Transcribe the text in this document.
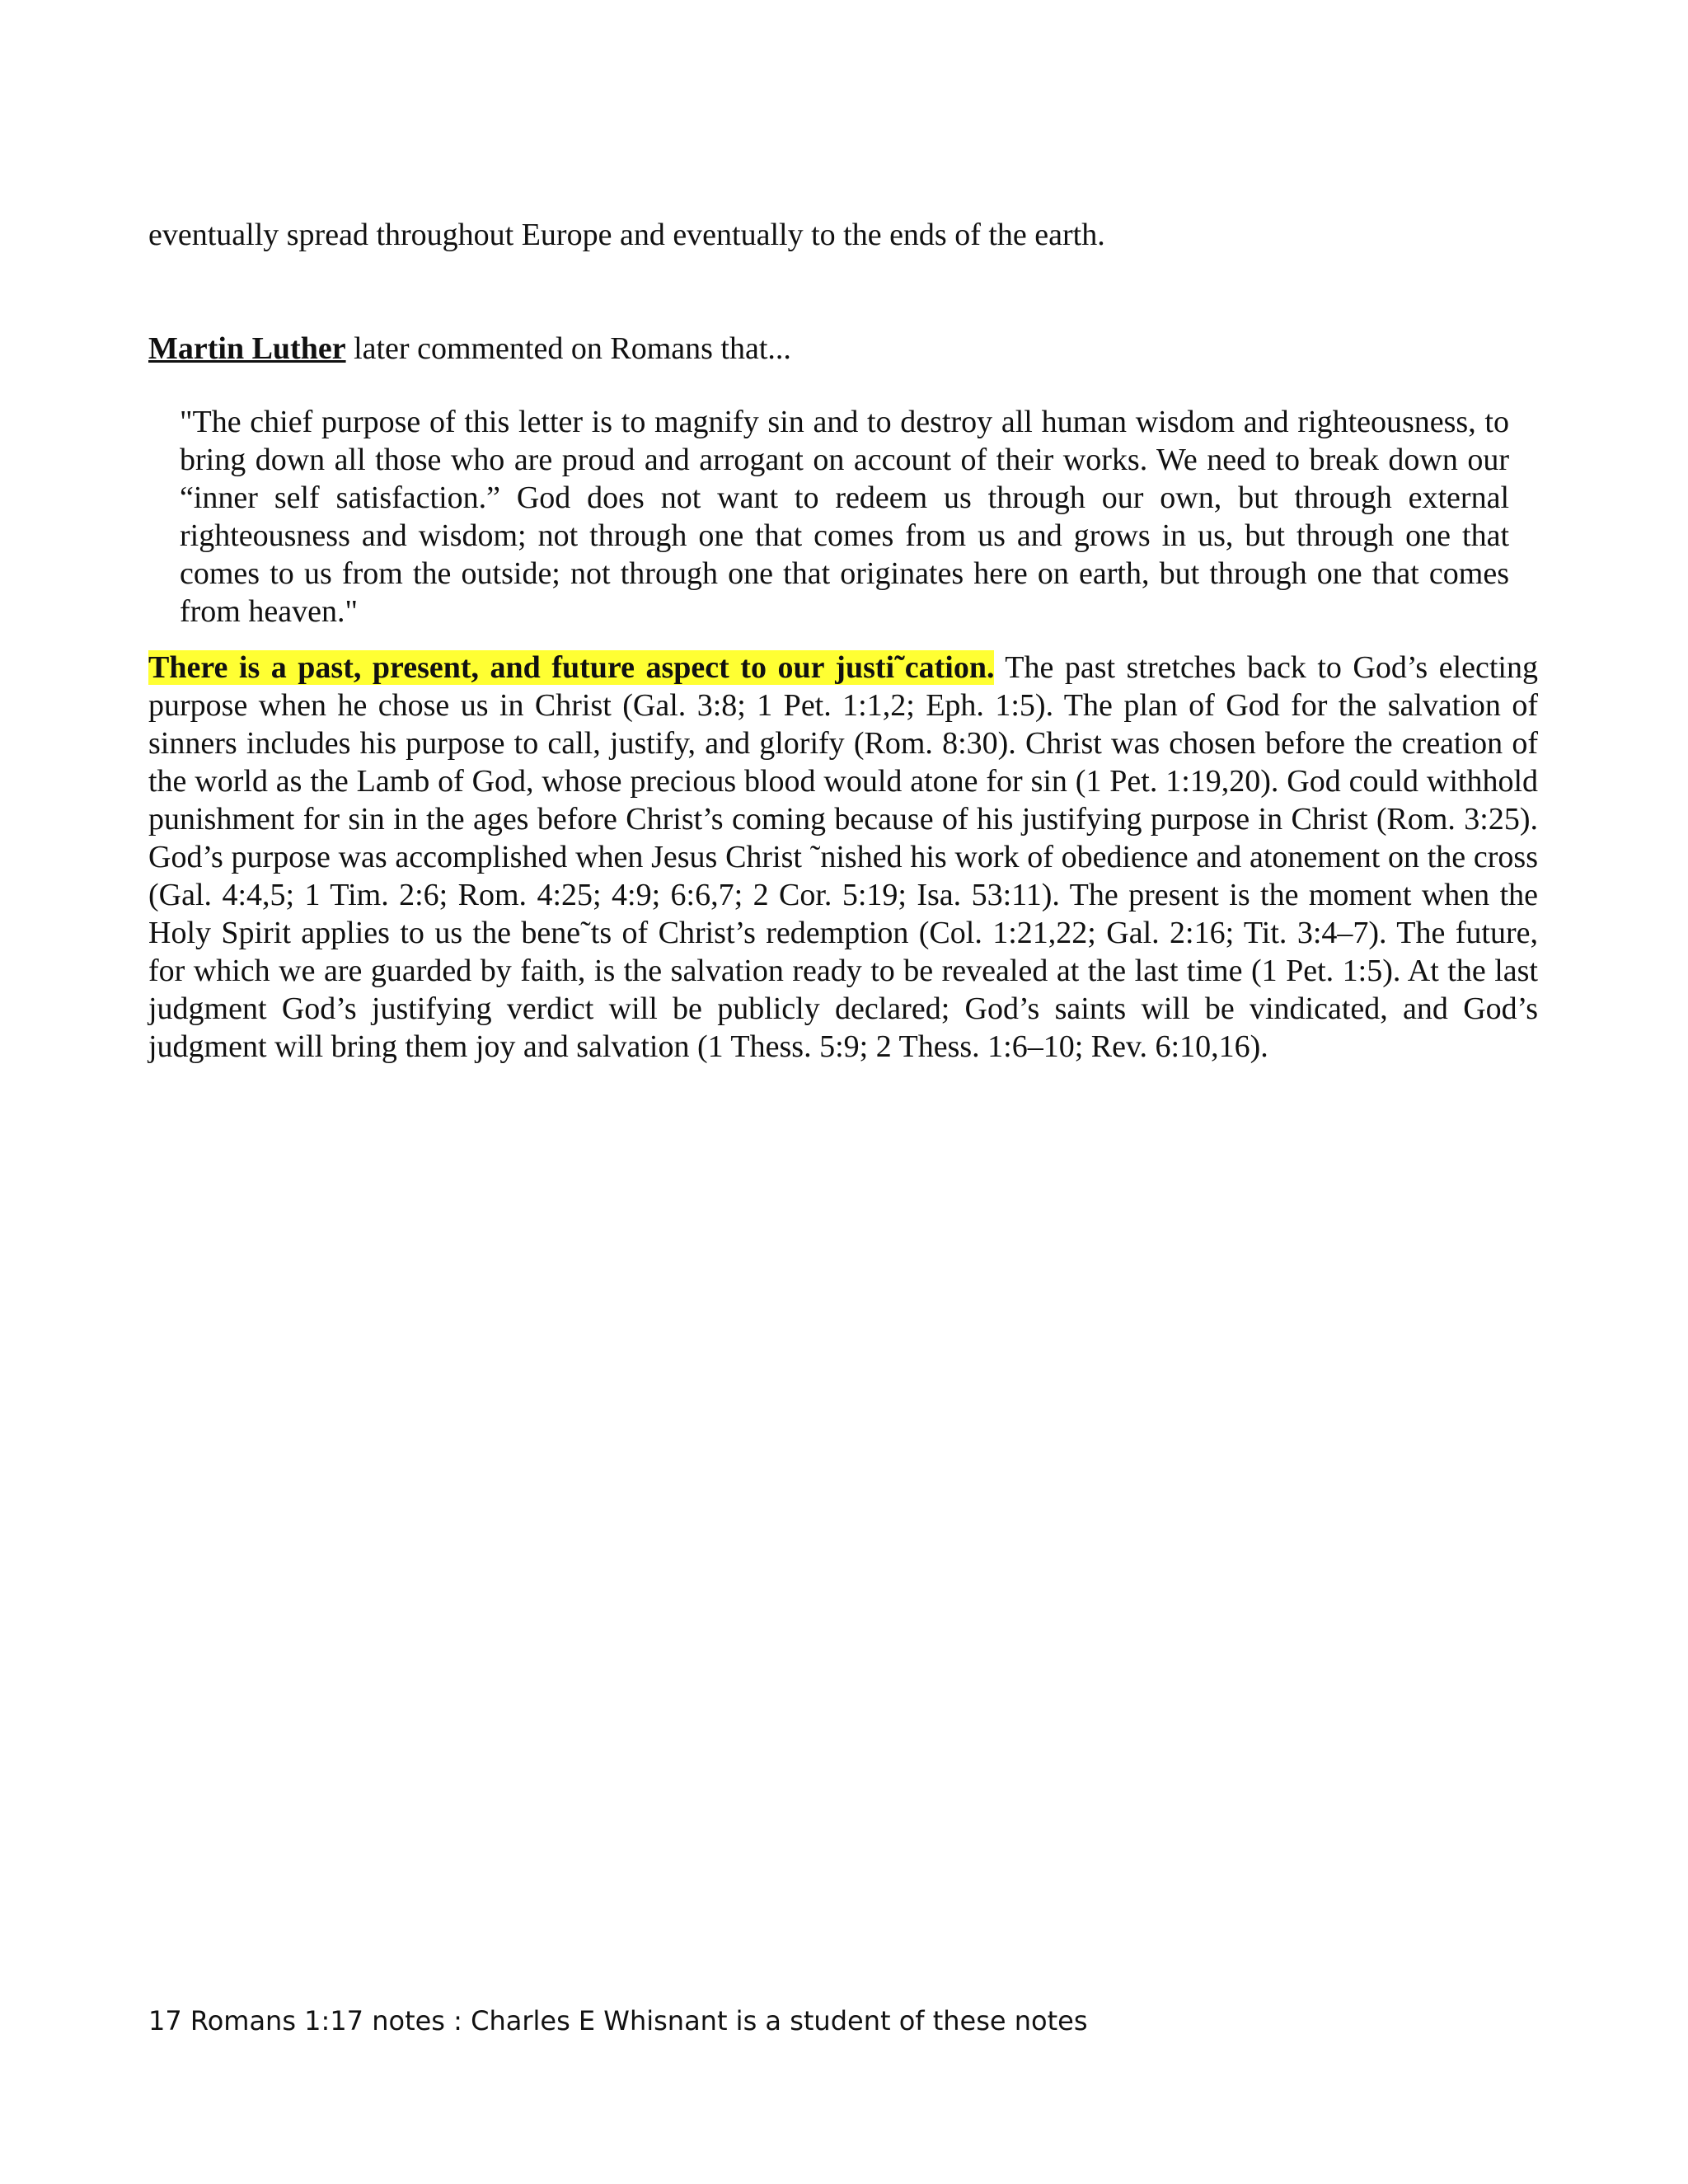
eventually spread throughout Europe and eventually to the ends of the earth.
Martin Luther later commented on Romans that...
"The chief purpose of this letter is to magnify sin and to destroy all human wisdom and righteousness, to bring down all those who are proud and arrogant on account of their works. We need to break down our “inner self satisfaction.” God does not want to redeem us through our own, but through external righteousness and wisdom; not through one that comes from us and grows in us, but through one that comes to us from the outside; not through one that originates here on earth, but through one that comes from heaven."
There is a past, present, and future aspect to our justi˜cation. The past stretches back to God’s electing purpose when he chose us in Christ (Gal. 3:8; 1 Pet. 1:1,2; Eph. 1:5). The plan of God for the salvation of sinners includes his purpose to call, justify, and glorify (Rom. 8:30). Christ was chosen before the creation of the world as the Lamb of God, whose precious blood would atone for sin (1 Pet. 1:19,20). God could withhold punishment for sin in the ages before Christ’s coming because of his justifying purpose in Christ (Rom. 3:25). God’s purpose was accomplished when Jesus Christ ˜nished his work of obedience and atonement on the cross (Gal. 4:4,5; 1 Tim. 2:6; Rom. 4:25; 4:9; 6:6,7; 2 Cor. 5:19; Isa. 53:11). The present is the moment when the Holy Spirit applies to us the bene˜ts of Christ’s redemption (Col. 1:21,22; Gal. 2:16; Tit. 3:4–7). The future, for which we are guarded by faith, is the salvation ready to be revealed at the last time (1 Pet. 1:5). At the last judgment God’s justifying verdict will be publicly declared; God’s saints will be vindicated, and God’s judgment will bring them joy and salvation (1 Thess. 5:9; 2 Thess. 1:6–10; Rev. 6:10,16).
17 Romans 1:17 notes : Charles E Whisnant is a student of these notes
